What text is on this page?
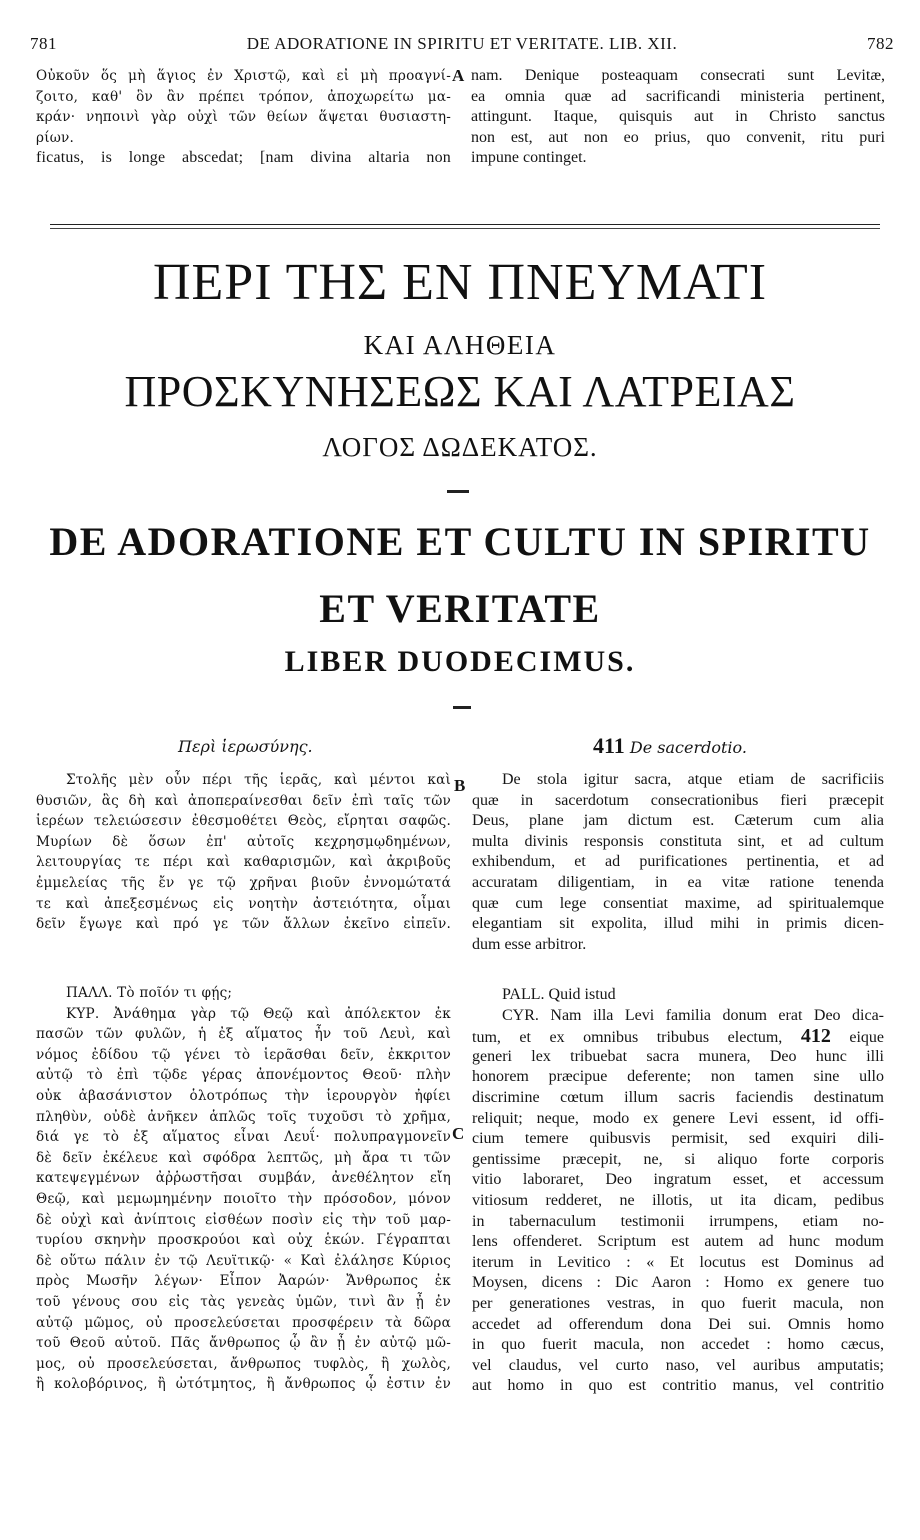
781	DE ADORATIONE IN SPIRITU ET VERITATE. LIB. XII.	782
Οὐκοῦν ὅς μὴ ἅγιος ἐν Χριστῷ, καὶ εἰ μὴ προαγνί-
ζοιτο, καθ' ὃν ἂν πρέπει τρόπον, ἀποχωρείτω μα-
κράν· νηποινὶ γὰρ οὐχὶ τῶν θείων ἅψεται θυσιαστη-
ρίων.
ficatus, is longe abscedat; [nam divina altaria non
A nam. Denique posteaquam consecrati sunt Levitæ,
ea omnia quæ ad sacrificandi ministeria pertinent,
attingunt. Itaque, quisquis aut in Christo sanctus
non est, aut non eo prius, quo convenit, ritu puri
impune continget.
ΠΕΡΙ ΤΗΣ ΕΝ ΠΝΕΥΜΑΤΙ
ΚΑΙ ΑΛΗΘΕΙΑ
ΠΡΟΣΚΥΝΗΣΕΩΣ ΚΑΙ ΛΑΤΡΕΙΑΣ
ΛΟΓΟΣ ΔΩΔΕΚΑΤΟΣ.
DE ADORATIONE ET CULTU IN SPIRITU
ET VERITATE
LIBER DUODECIMUS.
Περὶ ἱερωσύνης.	411 De sacerdotio.
B
C
Στολῆς μὲν οὖν πέρι τῆς ἱερᾶς, καὶ μέντοι καὶ
θυσιῶν, ἃς δὴ καὶ ἀποπεραίνεσθαι δεῖν ἐπὶ ταῖς τῶν
ἱερέων τελειώσεσιν ἐθεσμοθέτει Θεὸς, εἴρηται σαφῶς.
Μυρίων δὲ ὅσων ἐπ' αὐτοῖς κεχρησμῳδημένων,
λειτουργίας τε πέρι καὶ καθαρισμῶν, καὶ ἀκριβοῦς
ἐμμελείας τῆς ἔν γε τῷ χρῆναι βιοῦν ἐννομώτατά
τε καὶ ἀπεξεσμένως εἰς νοητὴν ἀστειότητα, οἶμαι
δεῖν ἔγωγε καὶ πρό γε τῶν ἄλλων ἐκεῖνο εἰπεῖν.
De stola igitur sacra, atque etiam de sacrificiis
quæ in sacerdotum consecrationibus fieri præcepit
Deus, plane jam dictum est. Cæterum cum alia
multa divinis responsis constituta sint, et ad cultum
exhibendum, et ad purificationes pertinentia, et ad
accuratam diligentiam, in ea vitæ ratione tenenda
quæ cum lege consentiat maxime, ad spiritualemque
elegantiam sit expolita, illud mihi in primis dicen-
dum esse arbitror.
ΠΑΛΛ. Τὸ ποῖόν τι φῄς;
ΚΥΡ. Ἀνάθημα γὰρ τῷ Θεῷ καὶ ἀπόλεκτον ἐκ
πασῶν τῶν φυλῶν, ἡ ἐξ αἵματος ἦν τοῦ Λευὶ, καὶ
νόμος ἐδίδου τῷ γένει τὸ ἱερᾶσθαι δεῖν, ἐκκριτον
αὐτῷ τὸ ἐπὶ τῷδε γέρας ἀπονέμοντος Θεοῦ· πλὴν
οὐκ ἀβασάνιστον ὁλοτρόπως τὴν ἱερουργὸν ἠφίει
πληθὺν, οὐδὲ ἀνῆκεν ἁπλῶς τοῖς τυχοῦσι τὸ χρῆμα,
διά γε τὸ ἐξ αἵματος εἶναι Λευΐ· πολυπραγμονεῖν
δὲ δεῖν ἐκέλευε καὶ σφόδρα λεπτῶς, μὴ ἄρα τι τῶν
κατεψεγμένων ἀῤῥωστῆσαι συμβάν, ἀνεθέλητον εἴη
Θεῷ, καὶ μεμωμημένην ποιοῖτο τὴν πρόσοδον, μόνον
δὲ οὐχὶ καὶ ἀνίπτοις εἰσθέων ποσὶν εἰς τὴν τοῦ μαρ-
τυρίου σκηνὴν προσκρούοι καὶ οὐχ ἑκών. Γέγραπται
δὲ οὕτω πάλιν ἐν τῷ Λευϊτικῷ· « Καὶ ἐλάλησε Κύριος
πρὸς Μωσῆν λέγων· Εἶπον Ἀαρών· Ἄνθρωπος ἐκ
τοῦ γένους σου εἰς τὰς γενεὰς ὑμῶν, τινὶ ἂν ᾖ ἐν
αὐτῷ μῶμος, οὐ προσελεύσεται προσφέρειν τὰ δῶρα
τοῦ Θεοῦ αὐτοῦ. Πᾶς ἄνθρωπος ᾧ ἂν ᾖ ἐν αὐτῷ μῶ-
μος, οὐ προσελεύσεται, ἄνθρωπος τυφλὸς, ἢ χωλὸς,
ἢ κολοβόρινος, ἢ ὠτότμητος, ἢ ἄνθρωπος ᾧ ἐστιν ἐν
PALL. Quid istud
CYR. Nam illa Levi familia donum erat Deo dica-
tum, et ex omnibus tribubus electum, 412 eique
generi lex tribuebat sacra munera, Deo hunc illi
honorem præcipue deferente; non tamen sine ullo
discrimine cœtum illum sacris faciendis destinatum
reliquit; neque, modo ex genere Levi essent, id offi-
cium temere quibusvis permisit, sed exquiri dili-
gentissime præcepit, ne, si aliquo forte corporis
vitio laboraret, Deo ingratum esset, et accessum
vitiosum redderet, ne illotis, ut ita dicam, pedibus
in tabernaculum testimonii irrumpens, etiam no-
lens offenderet. Scriptum est autem ad hunc modum
iterum in Levitico : « Et locutus est Dominus ad
Moysen, dicens : Dic Aaron : Homo ex genere tuo
per generationes vestras, in quo fuerit macula, non
accedet ad offerendum dona Dei sui. Omnis homo
in quo fuerit macula, non accedet : homo cæcus,
vel claudus, vel curto naso, vel auribus amputatis;
aut homo in quo est contritio manus, vel contritio
